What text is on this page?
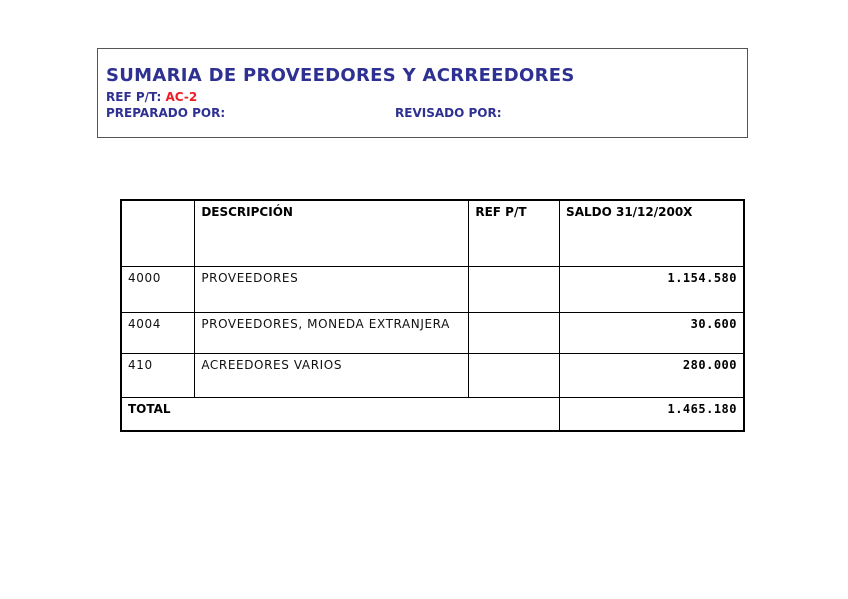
SUMARIA DE PROVEEDORES Y ACRREEDORES
REF P/T: AC-2
PREPARADO POR:	REVISADO POR:
	DESCRIPCIÓN	REF P/T	SALDO 31/12/200X
4000	PROVEEDORES		1.154.580
4004	PROVEEDORES, MONEDA EXTRANJERA		30.600
410	ACREEDORES VARIOS		280.000
TOTAL			1.465.180
